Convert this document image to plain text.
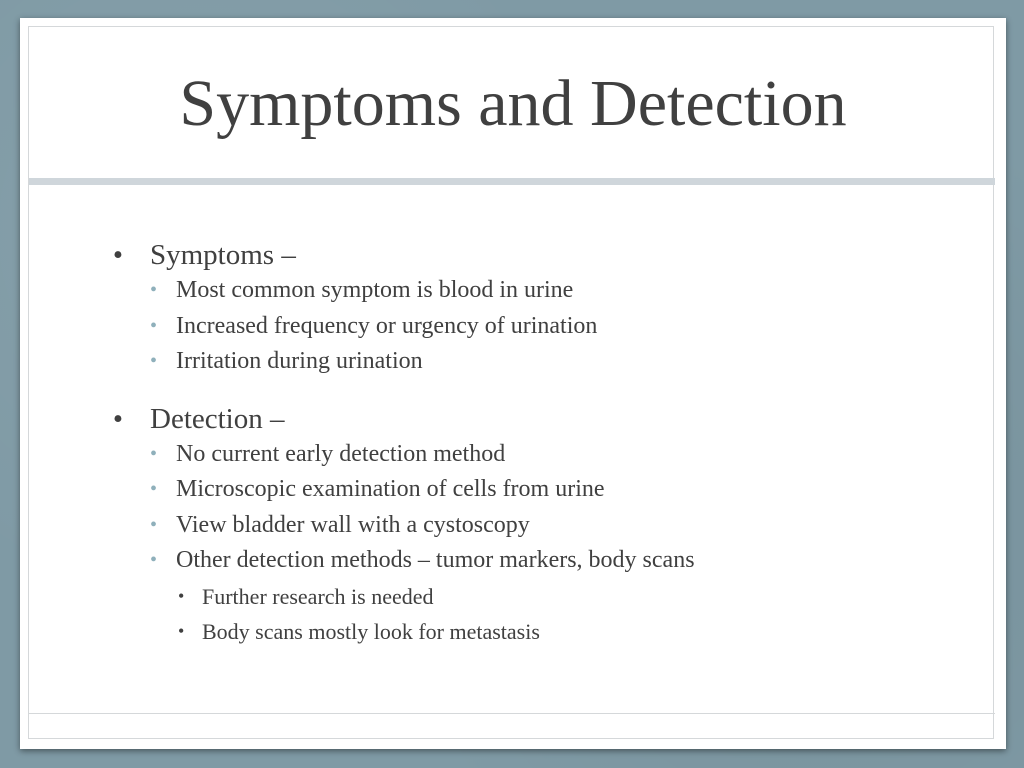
Symptoms and Detection
• Symptoms –
• Most common symptom is blood in urine
• Increased frequency or urgency of urination
• Irritation during urination
• Detection –
• No current early detection method
• Microscopic examination of cells from urine
• View bladder wall with a cystoscopy
• Other detection methods – tumor markers, body scans
• Further research is needed
• Body scans mostly look for metastasis
